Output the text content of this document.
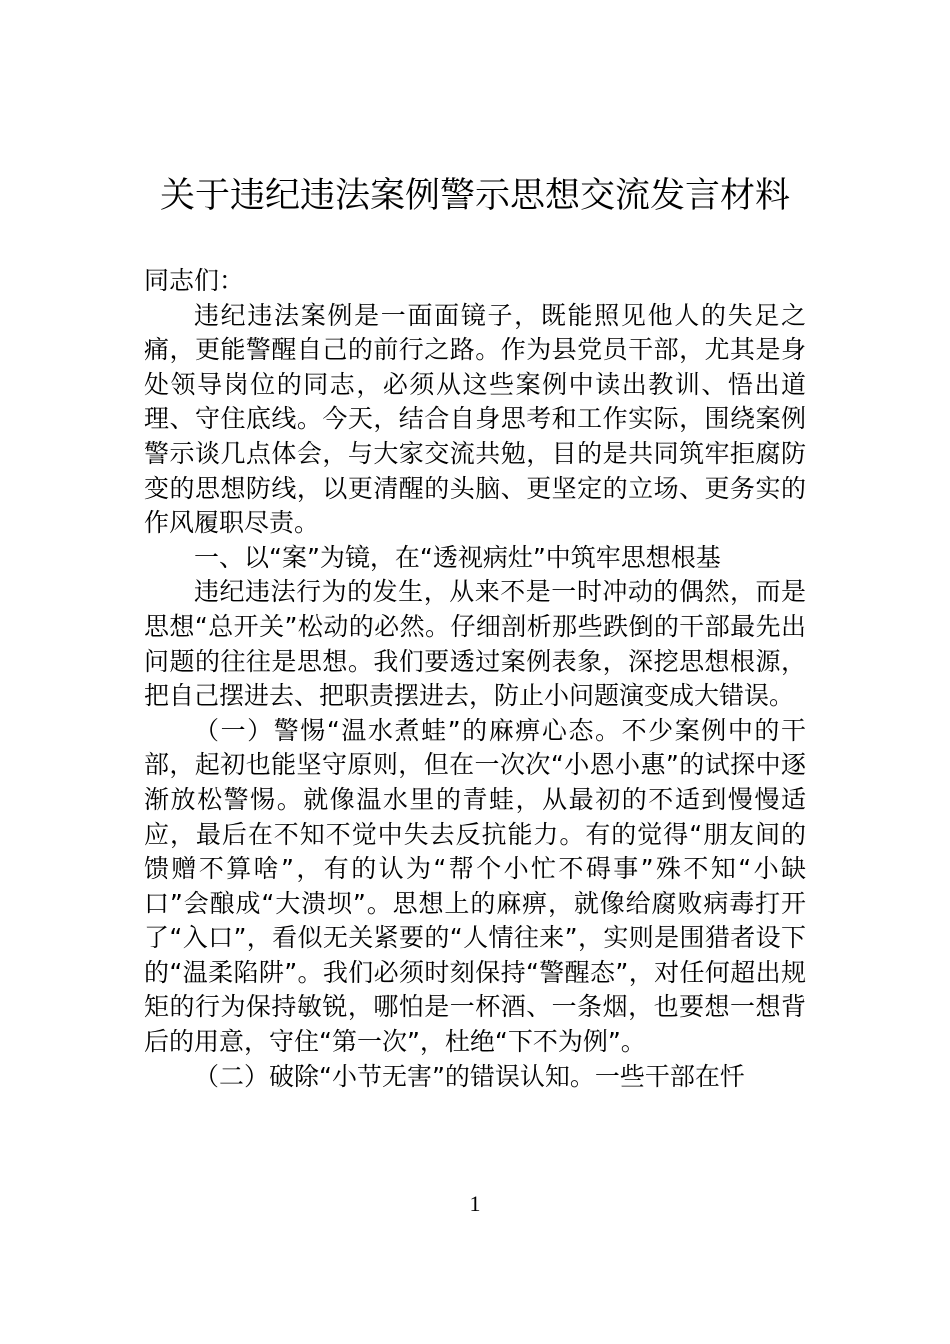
关于违纪违法案例警示思想交流发言材料

同志们：

违纪违法案例是一面面镜子，既能照见他人的失足之痛，更能警醒自己的前行之路。作为县党员干部，尤其是身处领导岗位的同志，必须从这些案例中读出教训、悟出道理、守住底线。今天，结合自身思考和工作实际，围绕案例警示谈几点体会，与大家交流共勉，目的是共同筑牢拒腐防变的思想防线，以更清醒的头脑、更坚定的立场、更务实的作风履职尽责。

一、以“案”为镜，在“透视病灶”中筑牢思想根基

违纪违法行为的发生，从来不是一时冲动的偶然，而是思想“总开关”松动的必然。仔细剖析那些跌倒的干部最先出问题的往往是思想。我们要透过案例表象，深挖思想根源，把自己摆进去、把职责摆进去，防止小问题演变成大错误。

（一）警惕“温水煮蛙”的麻痹心态。不少案例中的干部，起初也能坚守原则，但在一次次“小恩小惠”的试探中逐渐放松警惕。就像温水里的青蛙，从最初的不适到慢慢适应，最后在不知不觉中失去反抗能力。有的觉得“朋友间的馈赠不算啥”，有的认为“帮个小忙不碍事”殊不知“小缺口”会酿成“大溃坝”。思想上的麻痹，就像给腐败病毒打开了“入口”，看似无关紧要的“人情往来”，实则是围猎者设下的“温柔陷阱”。我们必须时刻保持“警醒态”，对任何超出规矩的行为保持敏锐，哪怕是一杯酒、一条烟，也要想一想背后的用意，守住“第一次”，杜绝“下不为例”。

（二）破除“小节无害”的错误认知。一些干部在忏

1
